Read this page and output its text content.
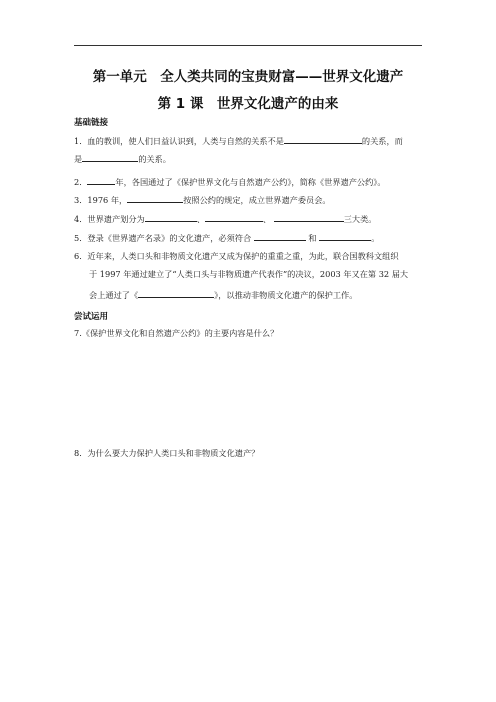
第一单元　全人类共同的宝贵财富——世界文化遗产
第 1 课　世界文化遗产的由来
基础链接
1．血的教训，使人们日益认识到，人类与自然的关系不是	的关系，而
是	的关系。
2．	年，各国通过了《保护世界文化与自然遗产公约》，简称《世界遗产公约》。
3．1976 年，	按照公约的规定，成立世界遗产委员会。
4．世界遗产划分为	、	、	三大类。
5．登录《世界遗产名录》的文化遗产，必须符合	和	。
6．近年来，人类口头和非物质文化遗产又成为保护的重重之重，为此，联合国教科文组织
于 1997 年通过建立了“人类口头与非物质遗产代表作”的决议，2003 年又在第 32 届大
会上通过了《	》，以推动非物质文化遗产的保护工作。
尝试运用
7.《保护世界文化和自然遗产公约》的主要内容是什么？
8．为什么要大力保护人类口头和非物质文化遗产？
